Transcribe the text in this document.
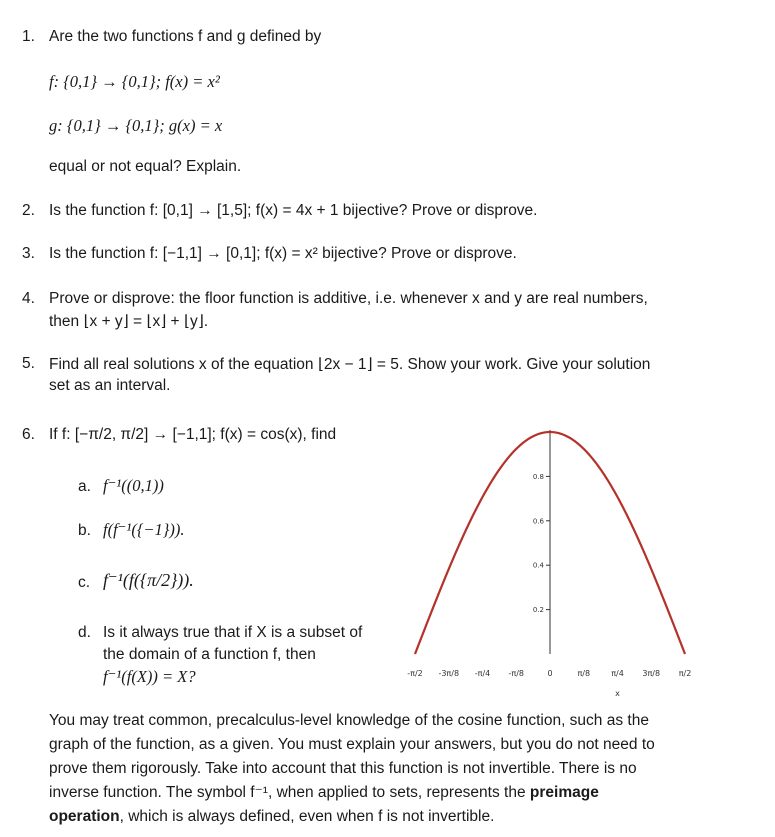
1. Are the two functions f and g defined by
f: {0,1} → {0,1}; f(x) = x²
g: {0,1} → {0,1}; g(x) = x
equal or not equal? Explain.
2. Is the function f: [0,1] → [1,5]; f(x) = 4x + 1 bijective? Prove or disprove.
3. Is the function f: [−1,1] → [0,1]; f(x) = x² bijective? Prove or disprove.
4. Prove or disprove: the floor function is additive, i.e. whenever x and y are real numbers,
then ⌊x + y⌋ = ⌊x⌋ + ⌊y⌋.
5. Find all real solutions x of the equation ⌊2x − 1⌋ = 5. Show your work. Give your solution
set as an interval.
6. If f: [−π/2, π/2] → [−1,1]; f(x) = cos(x), find
a. f⁻¹((0,1))
b. f(f⁻¹({−1})).
c. f⁻¹(f({π/2})).
d. Is it always true that if X is a subset of
the domain of a function f, then
f⁻¹(f(X)) = X?
0.2
0.4
0.6
0.8
-π/2 -3π/8 -π/4 -π/8	0	π/8	π/4 3π/8 π/2
x
You may treat common, precalculus-level knowledge of the cosine function, such as the
graph of the function, as a given. You must explain your answers, but you do not need to
prove them rigorously. Take into account that this function is not invertible. There is no
inverse function. The symbol f⁻¹, when applied to sets, represents the preimage
operation, which is always defined, even when f is not invertible.
